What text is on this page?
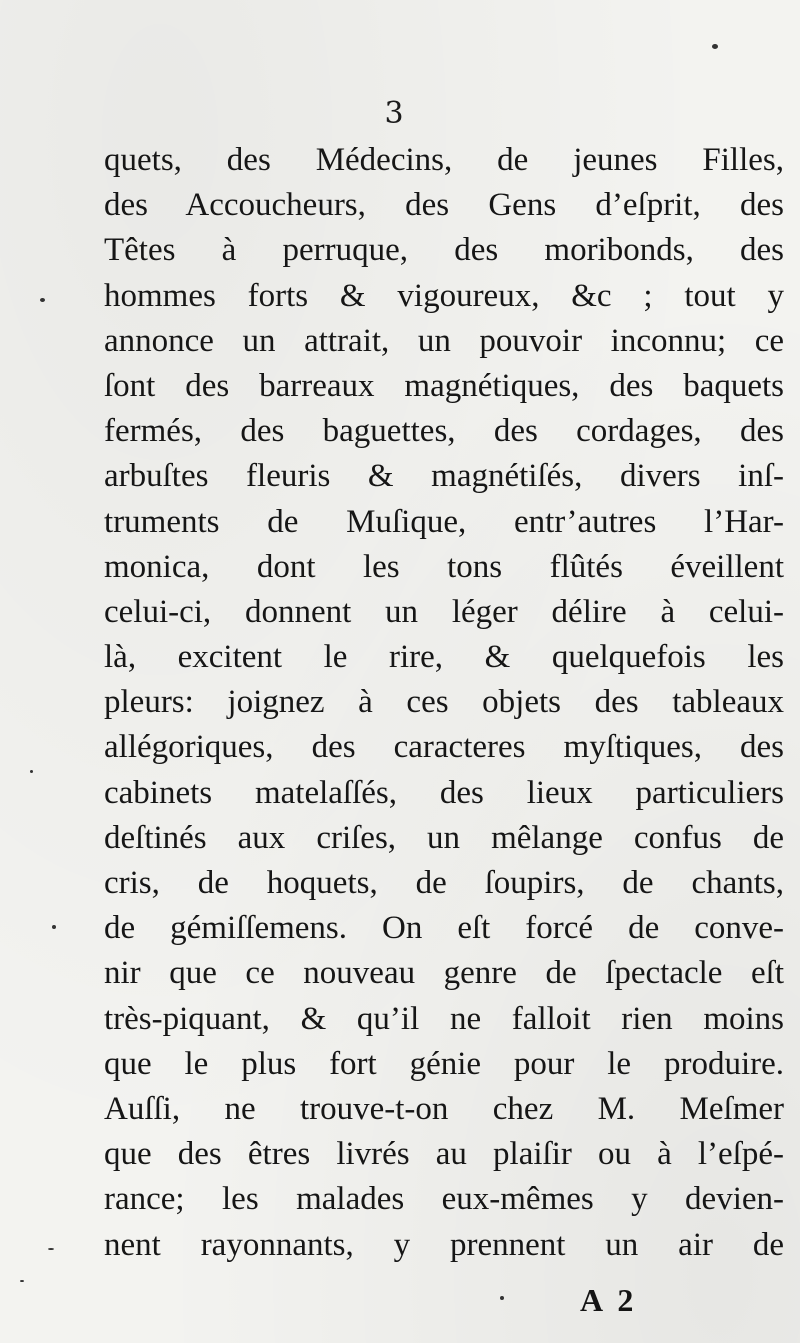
3
quets, des Médecins, de jeunes Filles,
des Accoucheurs, des Gens d’eſprit, des
Têtes à perruque, des moribonds, des
hommes forts & vigoureux, &c ; tout y
annonce un attrait, un pouvoir inconnu; ce
ſont des barreaux magnétiques, des baquets
fermés, des baguettes, des cordages, des
arbuſtes fleuris & magnétiſés, divers inſ-
truments de Muſique, entr’autres l’Har-
monica, dont les tons flûtés éveillent
celui-ci, donnent un léger délire à celui-
là, excitent le rire, & quelquefois les
pleurs: joignez à ces objets des tableaux
allégoriques, des caracteres myſtiques, des
cabinets matelaſſés, des lieux particuliers
deſtinés aux criſes, un mêlange confus de
cris, de hoquets, de ſoupirs, de chants,
de gémiſſemens. On eſt forcé de conve-
nir que ce nouveau genre de ſpectacle eſt
très-piquant, & qu’il ne falloit rien moins
que le plus fort génie pour le produire.
Auſſi, ne trouve-t-on chez M. Meſmer
que des êtres livrés au plaiſir ou à l’eſpé-
rance; les malades eux-mêmes y devien-
nent rayonnants, y prennent un air de
A 2
